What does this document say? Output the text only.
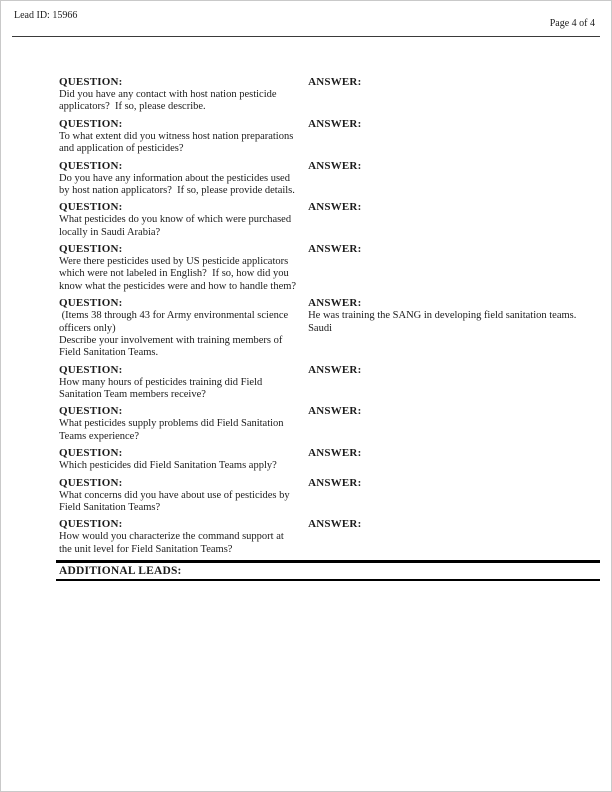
Lead ID: 15966
Page 4 of 4
QUESTION:
Did you have any contact with host nation pesticide applicators?  If so, please describe.
ANSWER:
QUESTION:
To what extent did you witness host nation preparations and application of pesticides?
ANSWER:
QUESTION:
Do you have any information about the pesticides used by host nation applicators?  If so, please provide details.
ANSWER:
QUESTION:
What pesticides do you know of which were purchased locally in Saudi Arabia?
ANSWER:
QUESTION:
Were there pesticides used by US pesticide applicators which were not labeled in English?  If so, how did you know what the pesticides were and how to handle them?
ANSWER:
QUESTION:
(Items 38 through 43 for Army environmental science officers only)
Describe your involvement with training members of Field Sanitation Teams.
ANSWER:
He was training the SANG in developing field sanitation teams.  Saudi
QUESTION:
How many hours of pesticides training did Field Sanitation Team members receive?
ANSWER:
QUESTION:
What pesticides supply problems did Field Sanitation Teams experience?
ANSWER:
QUESTION:
Which pesticides did Field Sanitation Teams apply?
ANSWER:
QUESTION:
What concerns did you have about use of pesticides by Field Sanitation Teams?
ANSWER:
QUESTION:
How would you characterize the command support at the unit level for Field Sanitation Teams?
ANSWER:
ADDITIONAL LEADS:
